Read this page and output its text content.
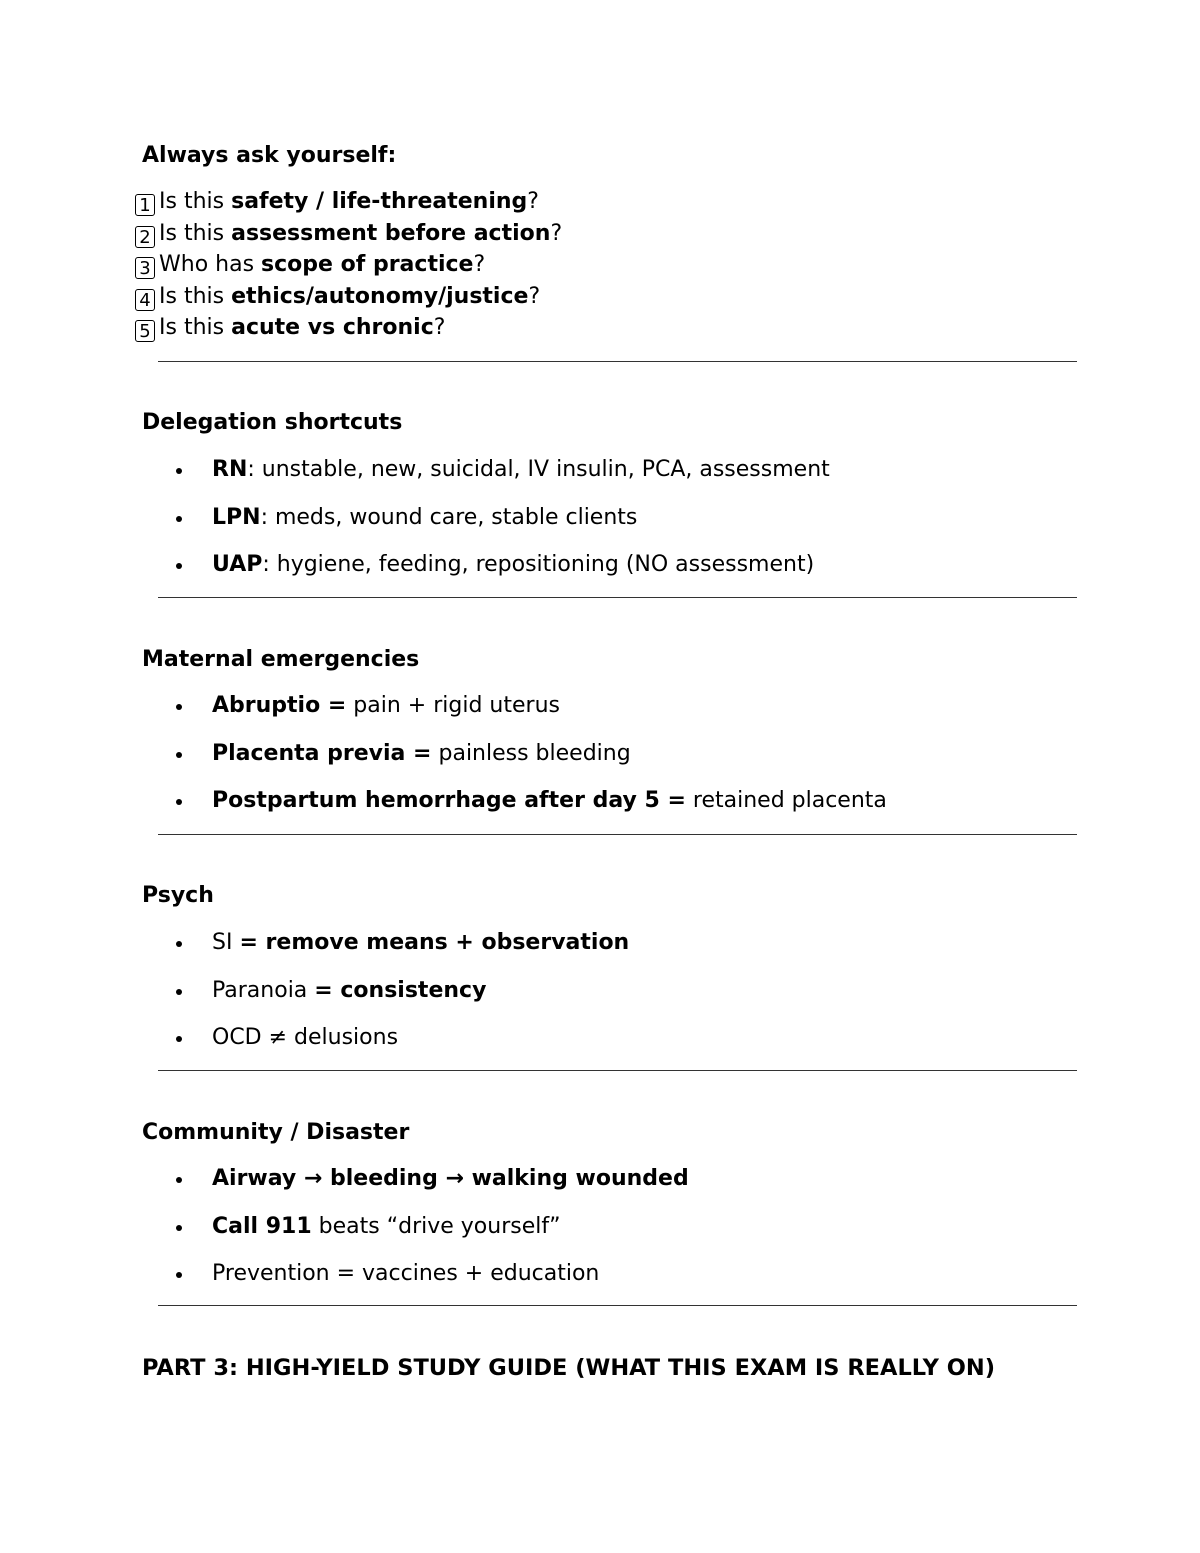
Always ask yourself:
1 Is this safety / life-threatening?
2 Is this assessment before action?
3 Who has scope of practice?
4 Is this ethics/autonomy/justice?
5 Is this acute vs chronic?
Delegation shortcuts
RN: unstable, new, suicidal, IV insulin, PCA, assessment
LPN: meds, wound care, stable clients
UAP: hygiene, feeding, repositioning (NO assessment)
Maternal emergencies
Abruptio = pain + rigid uterus
Placenta previa = painless bleeding
Postpartum hemorrhage after day 5 = retained placenta
Psych
SI = remove means + observation
Paranoia = consistency
OCD ≠ delusions
Community / Disaster
Airway → bleeding → walking wounded
Call 911 beats “drive yourself”
Prevention = vaccines + education
PART 3: HIGH-YIELD STUDY GUIDE (WHAT THIS EXAM IS REALLY ON)
